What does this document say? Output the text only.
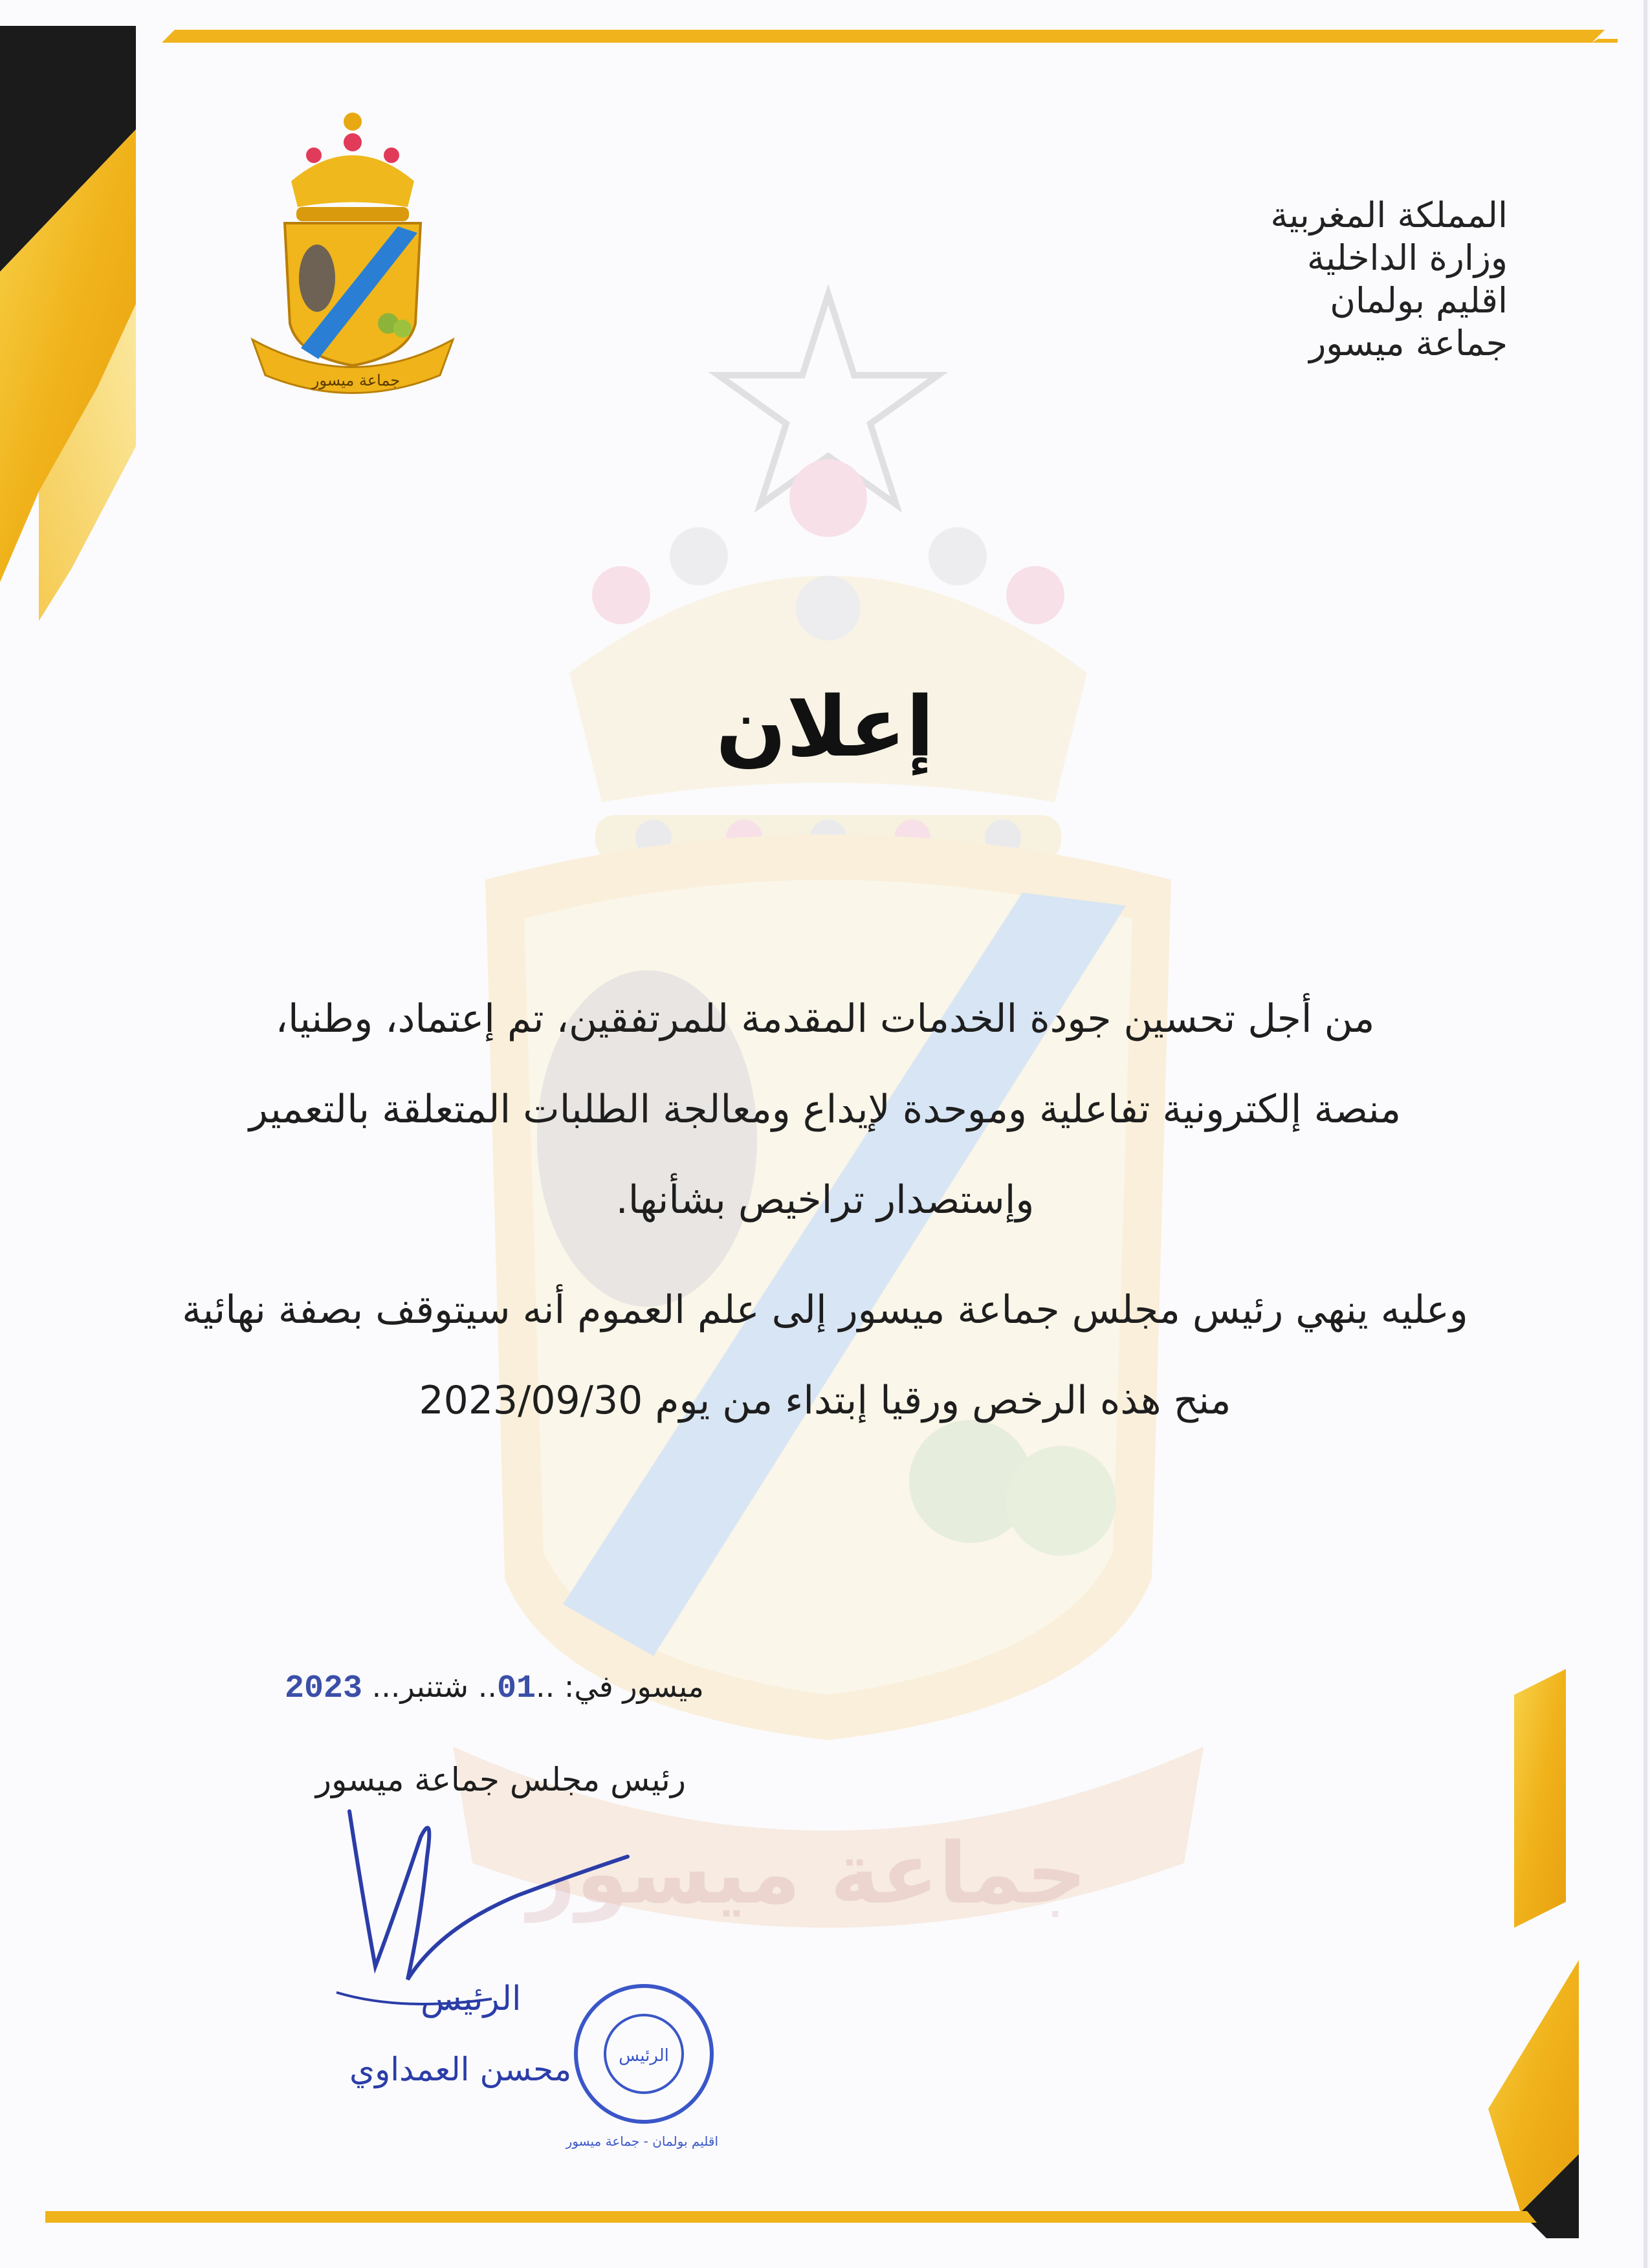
جماعة ميسور
جماعة ميسور
المملكة المغربية
وزارة الداخلية
اقليم بولمان
جماعة ميسور
إعلان
من أجل تحسين جودة الخدمات المقدمة للمرتفقين، تم إعتماد، وطنيا،
منصة إلكترونية تفاعلية وموحدة لإيداع ومعالجة الطلبات المتعلقة بالتعمير
وإستصدار تراخيص بشأنها.
وعليه ينهي رئيس مجلس جماعة ميسور إلى علم العموم أنه سيتوقف بصفة نهائية
منح هذه الرخص ورقيا إبتداء من يوم 2023/09/30
ميسور في: ..01.. شتنبر... 2023
رئيس مجلس جماعة ميسور
الرئيس
محسن العمداوي	الرئيس
اقليم بولمان - جماعة ميسور
